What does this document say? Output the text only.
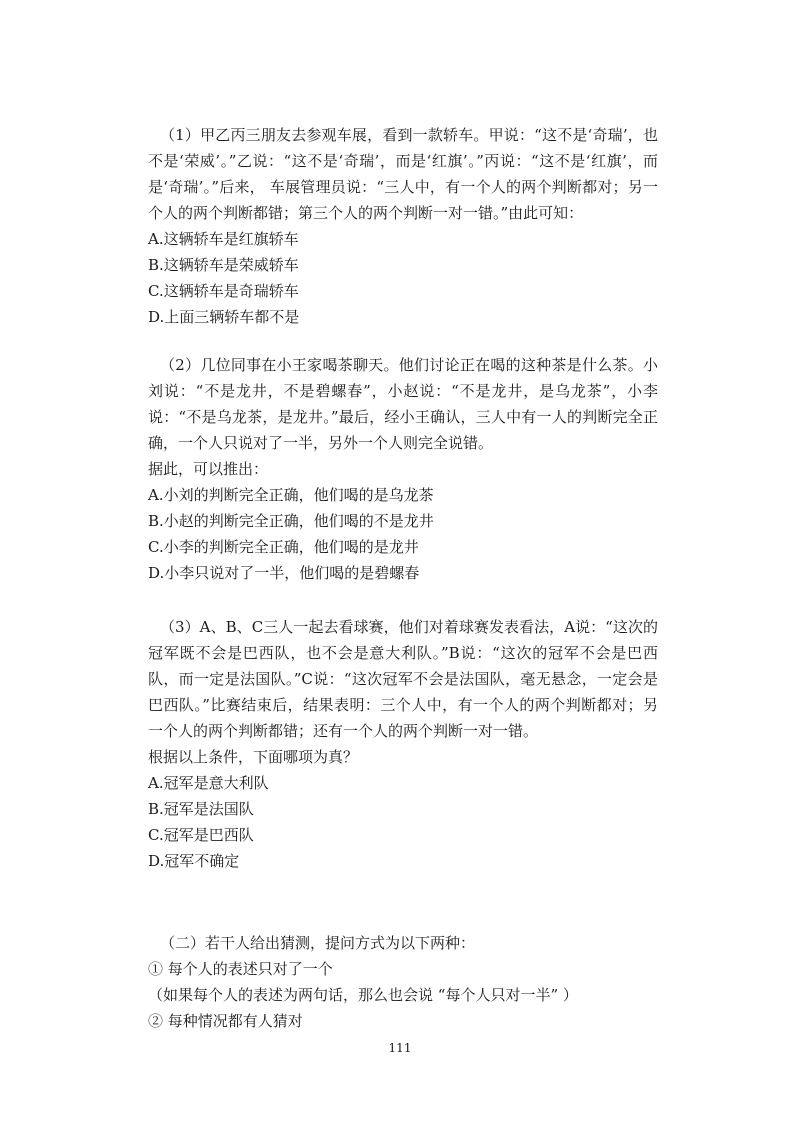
（1）甲乙丙三朋友去参观车展，看到一款轿车。甲说：“这不是‘奇瑞’，也不是‘荣威’。”乙说：“这不是‘奇瑞’，而是‘红旗’。”丙说：“这不是‘红旗’，而是‘奇瑞’。”后来， 车展管理员说：“三人中，有一个人的两个判断都对；另一个人的两个判断都错；第三个人的两个判断一对一错。”由此可知：

A.这辆轿车是红旗轿车

B.这辆轿车是荣威轿车

C.这辆轿车是奇瑞轿车

D.上面三辆轿车都不是

（2）几位同事在小王家喝茶聊天。他们讨论正在喝的这种茶是什么茶。小刘说：“不是龙井，不是碧螺春”，小赵说：“不是龙井，是乌龙茶”，小李说：“不是乌龙茶，是龙井。”最后，经小王确认，三人中有一人的判断完全正确，一个人只说对了一半，另外一个人则完全说错。

据此，可以推出：

A.小刘的判断完全正确，他们喝的是乌龙茶

B.小赵的判断完全正确，他们喝的不是龙井

C.小李的判断完全正确，他们喝的是龙井

D.小李只说对了一半，他们喝的是碧螺春

（3）A、B、C三人一起去看球赛，他们对着球赛发表看法，A说：“这次的冠军既不会是巴西队，也不会是意大利队。”B说：“这次的冠军不会是巴西队，而一定是法国队。”C说：“这次冠军不会是法国队，毫无悬念，一定会是巴西队。”比赛结束后，结果表明：三个人中，有一个人的两个判断都对；另一个人的两个判断都错；还有一个人的两个判断一对一错。

根据以上条件，下面哪项为真？

A.冠军是意大利队

B.冠军是法国队

C.冠军是巴西队

D.冠军不确定

（二）若干人给出猜测，提问方式为以下两种：

① 每个人的表述只对了一个

（如果每个人的表述为两句话，那么也会说 “每个人只对一半” ）

② 每种情况都有人猜对

111
